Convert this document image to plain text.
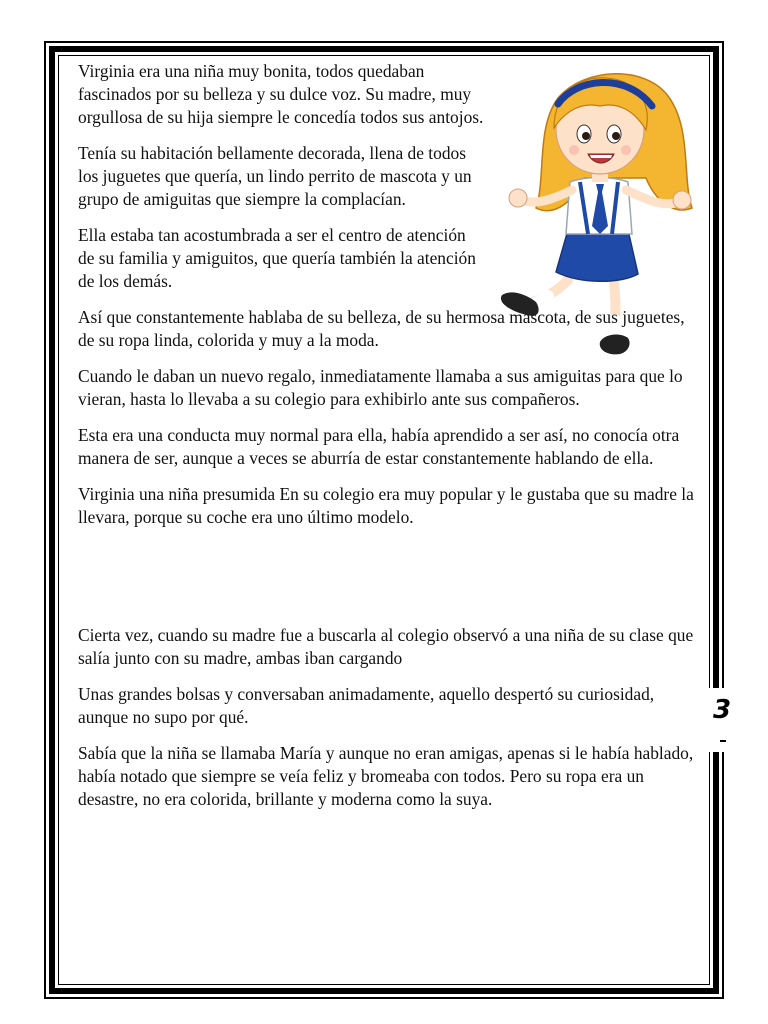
3

Virginia era una niña muy bonita, todos quedaban fascinados por su belleza y su dulce voz. Su madre, muy orgullosa de su hija siempre le concedía todos sus antojos.

Tenía su habitación bellamente decorada, llena de todos los juguetes que quería, un lindo perrito de mascota y un grupo de amiguitas que siempre la complacían.

Ella estaba tan acostumbrada a ser el centro de atención de su familia y amiguitos, que quería también la atención de los demás.

Así que constantemente hablaba de su belleza, de su hermosa mascota, de sus juguetes, de su ropa linda, colorida y muy a la moda.

Cuando le daban un nuevo regalo, inmediatamente llamaba a sus amiguitas para que lo vieran, hasta lo llevaba a su colegio para exhibirlo ante sus compañeros.

Esta era una conducta muy normal para ella, había aprendido a ser así, no conocía otra manera de ser, aunque a veces se aburría de estar constantemente hablando de ella.

Virginia una niña presumida En su colegio era muy popular y le gustaba que su madre la llevara, porque su coche era uno último modelo.

Cierta vez, cuando su madre fue a buscarla al colegio observó a una niña de su clase que salía junto con su madre, ambas iban cargando

Unas grandes bolsas y conversaban animadamente, aquello despertó su curiosidad, aunque no supo por qué.

Sabía que la niña se llamaba María y aunque no eran amigas, apenas si le había hablado, había notado que siempre se veía feliz y bromeaba con todos. Pero su ropa era un desastre, no era colorida, brillante y moderna como la suya.
